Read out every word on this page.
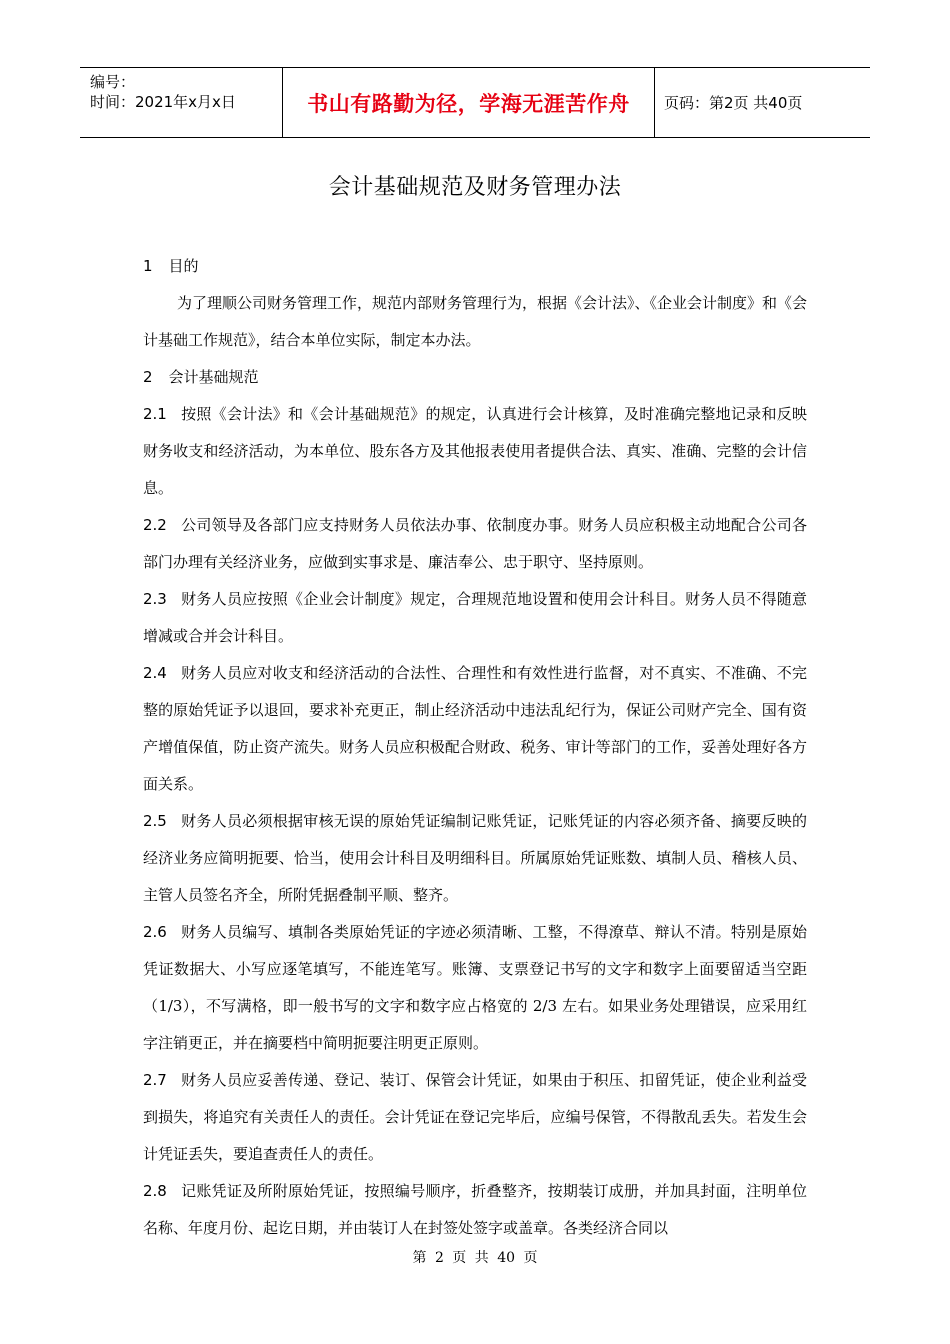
编号：
时间：2021年x月x日	书山有路勤为径，学海无涯苦作舟 页码：第2页 共40页
会计基础规范及财务管理办法

1 目的

为了理顺公司财务管理工作，规范内部财务管理行为，根据《会计法》、《企业会计制度》和《会计基础工作规范》，结合本单位实际，制定本办法。

2 会计基础规范

2.1 按照《会计法》和《会计基础规范》的规定，认真进行会计核算，及时准确完整地记录和反映财务收支和经济活动，为本单位、股东各方及其他报表使用者提供合法、真实、准确、完整的会计信息。

2.2 公司领导及各部门应支持财务人员依法办事、依制度办事。财务人员应积极主动地配合公司各部门办理有关经济业务，应做到实事求是、廉洁奉公、忠于职守、坚持原则。

2.3 财务人员应按照《企业会计制度》规定，合理规范地设置和使用会计科目。财务人员不得随意增减或合并会计科目。

2.4 财务人员应对收支和经济活动的合法性、合理性和有效性进行监督，对不真实、不准确、不完整的原始凭证予以退回，要求补充更正，制止经济活动中违法乱纪行为，保证公司财产完全、国有资产增值保值，防止资产流失。财务人员应积极配合财政、税务、审计等部门的工作，妥善处理好各方面关系。

2.5 财务人员必须根据审核无误的原始凭证编制记账凭证，记账凭证的内容必须齐备、摘要反映的经济业务应简明扼要、恰当，使用会计科目及明细科目。所属原始凭证账数、填制人员、稽核人员、主管人员签名齐全，所附凭据叠制平顺、整齐。

2.6 财务人员编写、填制各类原始凭证的字迹必须清晰、工整，不得潦草、辩认不清。特别是原始凭证数据大、小写应逐笔填写，不能连笔写。账簿、支票登记书写的文字和数字上面要留适当空距（1/3），不写满格，即一般书写的文字和数字应占格宽的 2/3 左右。如果业务处理错误，应采用红字注销更正，并在摘要档中简明扼要注明更正原则。

2.7 财务人员应妥善传递、登记、装订、保管会计凭证，如果由于积压、扣留凭证，使企业利益受到损失，将追究有关责任人的责任。会计凭证在登记完毕后，应编号保管，不得散乱丢失。若发生会计凭证丢失，要追查责任人的责任。

2.8 记账凭证及所附原始凭证，按照编号顺序，折叠整齐，按期装订成册，并加具封面，注明单位名称、年度月份、起讫日期，并由装订人在封签处签字或盖章。各类经济合同以

第 2 页 共 40 页
